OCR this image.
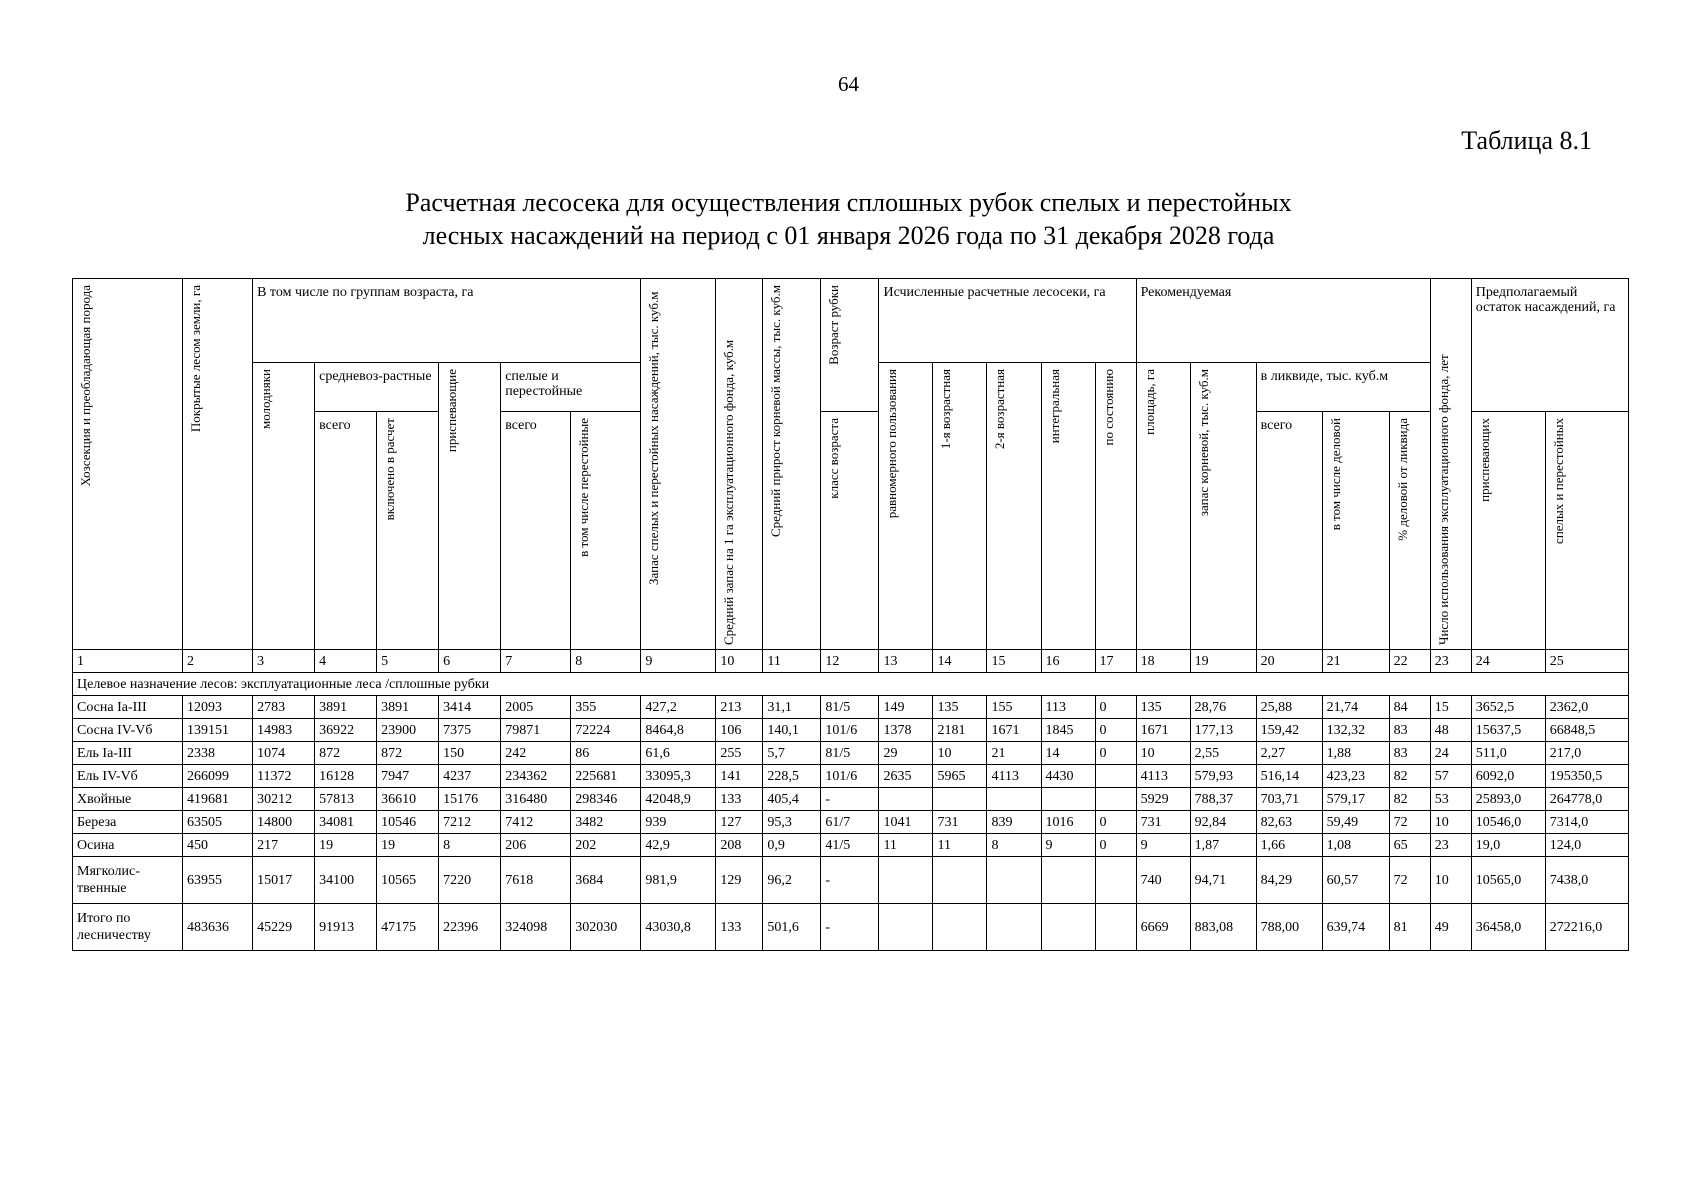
64
Таблица 8.1
Расчетная лесосека для осуществления сплошных рубок спелых и перестойных
лесных насаждений на период с 01 января 2026 года по 31 декабря 2028 года
Хозсекция и преобладающая порода	Покрытые лесом земли, га	В том числе по группам возраста, га						Запас спелых и перестойных насаждений, тыс. куб.м	Средний запас на 1 га эксплуатационного фонда, куб.м	Средний прирост корневой массы, тыс. куб.м	Возраст рубки	Исчисленные расчетные лесосеки, га					Рекомендуемая					Число использования эксплуатационного фонда, лет	Предполагаемый остаток насаждений, га	
		молодняки	средневоз-растные		приспевающие	спелые и перестойные						равномерного пользования	1-я возрастная	2-я возрастная	интегральная	по состоянию	площадь, га	запас корневой, тыс. куб.м	в ликвиде, тыс. куб.м					
			всего	включено в расчет		всего	в том числе перестойные				класс возраста								всего	в том числе деловой	% деловой от ликвида		приспевающих	спелых и перестойных
1	2	3	4	5	6	7	8	9	10	11	12	13	14	15	16	17	18	19	20	21	22	23	24	25
Целевое назначение лесов: эксплуатационные леса /сплошные рубки																								
Сосна Ia-III	12093	2783	3891	3891	3414	2005	355	427,2	213	31,1	81/5	149	135	155	113	0	135	28,76	25,88	21,74	84	15	3652,5	2362,0
Сосна IV-Vб	139151	14983	36922	23900	7375	79871	72224	8464,8	106	140,1	101/6	1378	2181	1671	1845	0	1671	177,13	159,42	132,32	83	48	15637,5	66848,5
Ель Ia-III	2338	1074	872	872	150	242	86	61,6	255	5,7	81/5	29	10	21	14	0	10	2,55	2,27	1,88	83	24	511,0	217,0
Ель IV-Vб	266099	11372	16128	7947	4237	234362	225681	33095,3	141	228,5	101/6	2635	5965	4113	4430		4113	579,93	516,14	423,23	82	57	6092,0	195350,5
Хвойные	419681	30212	57813	36610	15176	316480	298346	42048,9	133	405,4	-						5929	788,37	703,71	579,17	82	53	25893,0	264778,0
Береза	63505	14800	34081	10546	7212	7412	3482	939	127	95,3	61/7	1041	731	839	1016	0	731	92,84	82,63	59,49	72	10	10546,0	7314,0
Осина	450	217	19	19	8	206	202	42,9	208	0,9	41/5	11	11	8	9	0	9	1,87	1,66	1,08	65	23	19,0	124,0
Мягколис-твенные	63955	15017	34100	10565	7220	7618	3684	981,9	129	96,2	-						740	94,71	84,29	60,57	72	10	10565,0	7438,0
Итого по лесничеству	483636	45229	91913	47175	22396	324098	302030	43030,8	133	501,6	-						6669	883,08	788,00	639,74	81	49	36458,0	272216,0
